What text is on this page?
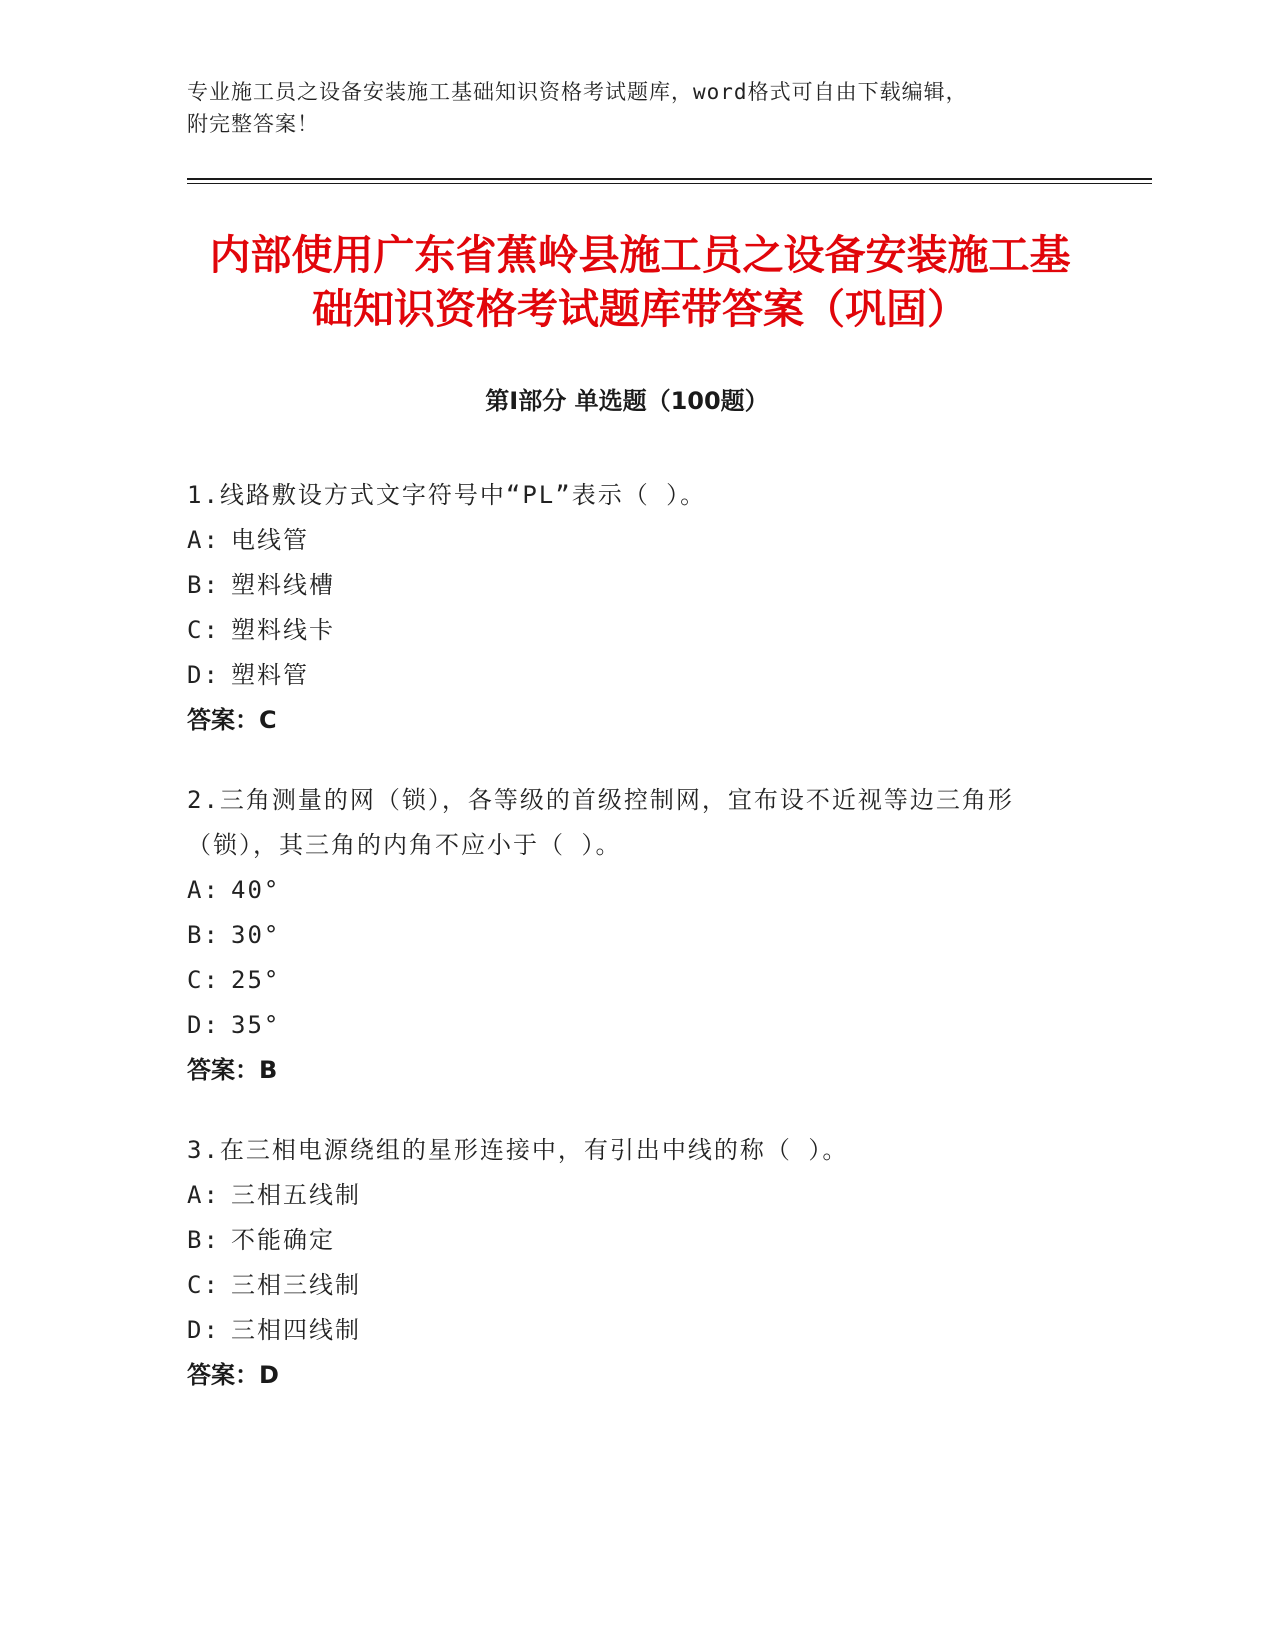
专业施工员之设备安装施工基础知识资格考试题库，word格式可自由下载编辑，
附完整答案！
内部使用广东省蕉岭县施工员之设备安装施工基础知识资格考试题库带答案（巩固）
第Ⅰ部分 单选题（100题）
1.线路敷设方式文字符号中“PL”表示（ ）。
A: 电线管
B: 塑料线槽
C: 塑料线卡
D: 塑料管
答案：C
2.三角测量的网（锁），各等级的首级控制网，宜布设不近视等边三角形（锁），其三角的内角不应小于（ ）。
A: 40°
B: 30°
C: 25°
D: 35°
答案：B
3.在三相电源绕组的星形连接中，有引出中线的称（ ）。
A: 三相五线制
B: 不能确定
C: 三相三线制
D: 三相四线制
答案：D
